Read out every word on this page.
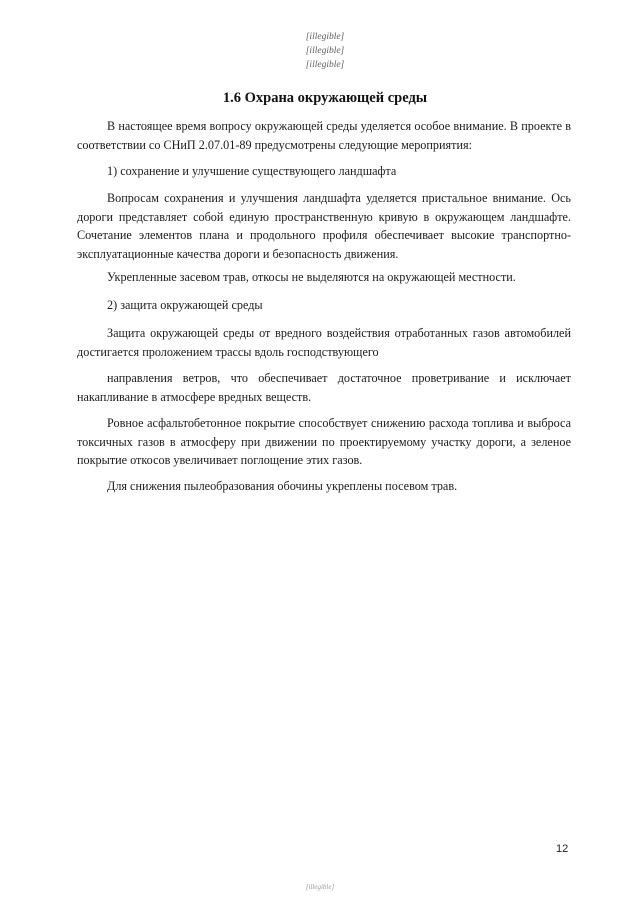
[illegible]
[illegible]
[illegible]
1.6 Охрана окружающей среды

В настоящее время вопросу окружающей среды уделяется особое внимание. В проекте в соответствии со СНиП 2.07.01-89 предусмотрены следующие мероприятия:

1) сохранение и улучшение существующего ландшафта

Вопросам сохранения и улучшения ландшафта уделяется пристальное внимание. Ось дороги представляет собой единую пространственную кривую в окружающем ландшафте. Сочетание элементов плана и продольного профиля обеспечивает высокие транспортно-эксплуатационные качества дороги и безопасность движения.

Укрепленные засевом трав, откосы не выделяются на окружающей местности.

2) защита окружающей среды

Защита окружающей среды от вредного воздействия отработанных газов автомобилей достигается проложением трассы вдоль господствующего

направления ветров, что обеспечивает достаточное проветривание и исключает накапливание в атмосфере вредных веществ.

Ровное асфальтобетонное покрытие способствует снижению расхода топлива и выброса токсичных газов в атмосферу при движении по проектируемому участку дороги, а зеленое покрытие откосов увеличивает поглощение этих газов.

Для снижения пылеобразования обочины укреплены посевом трав.

12
[illegible]
